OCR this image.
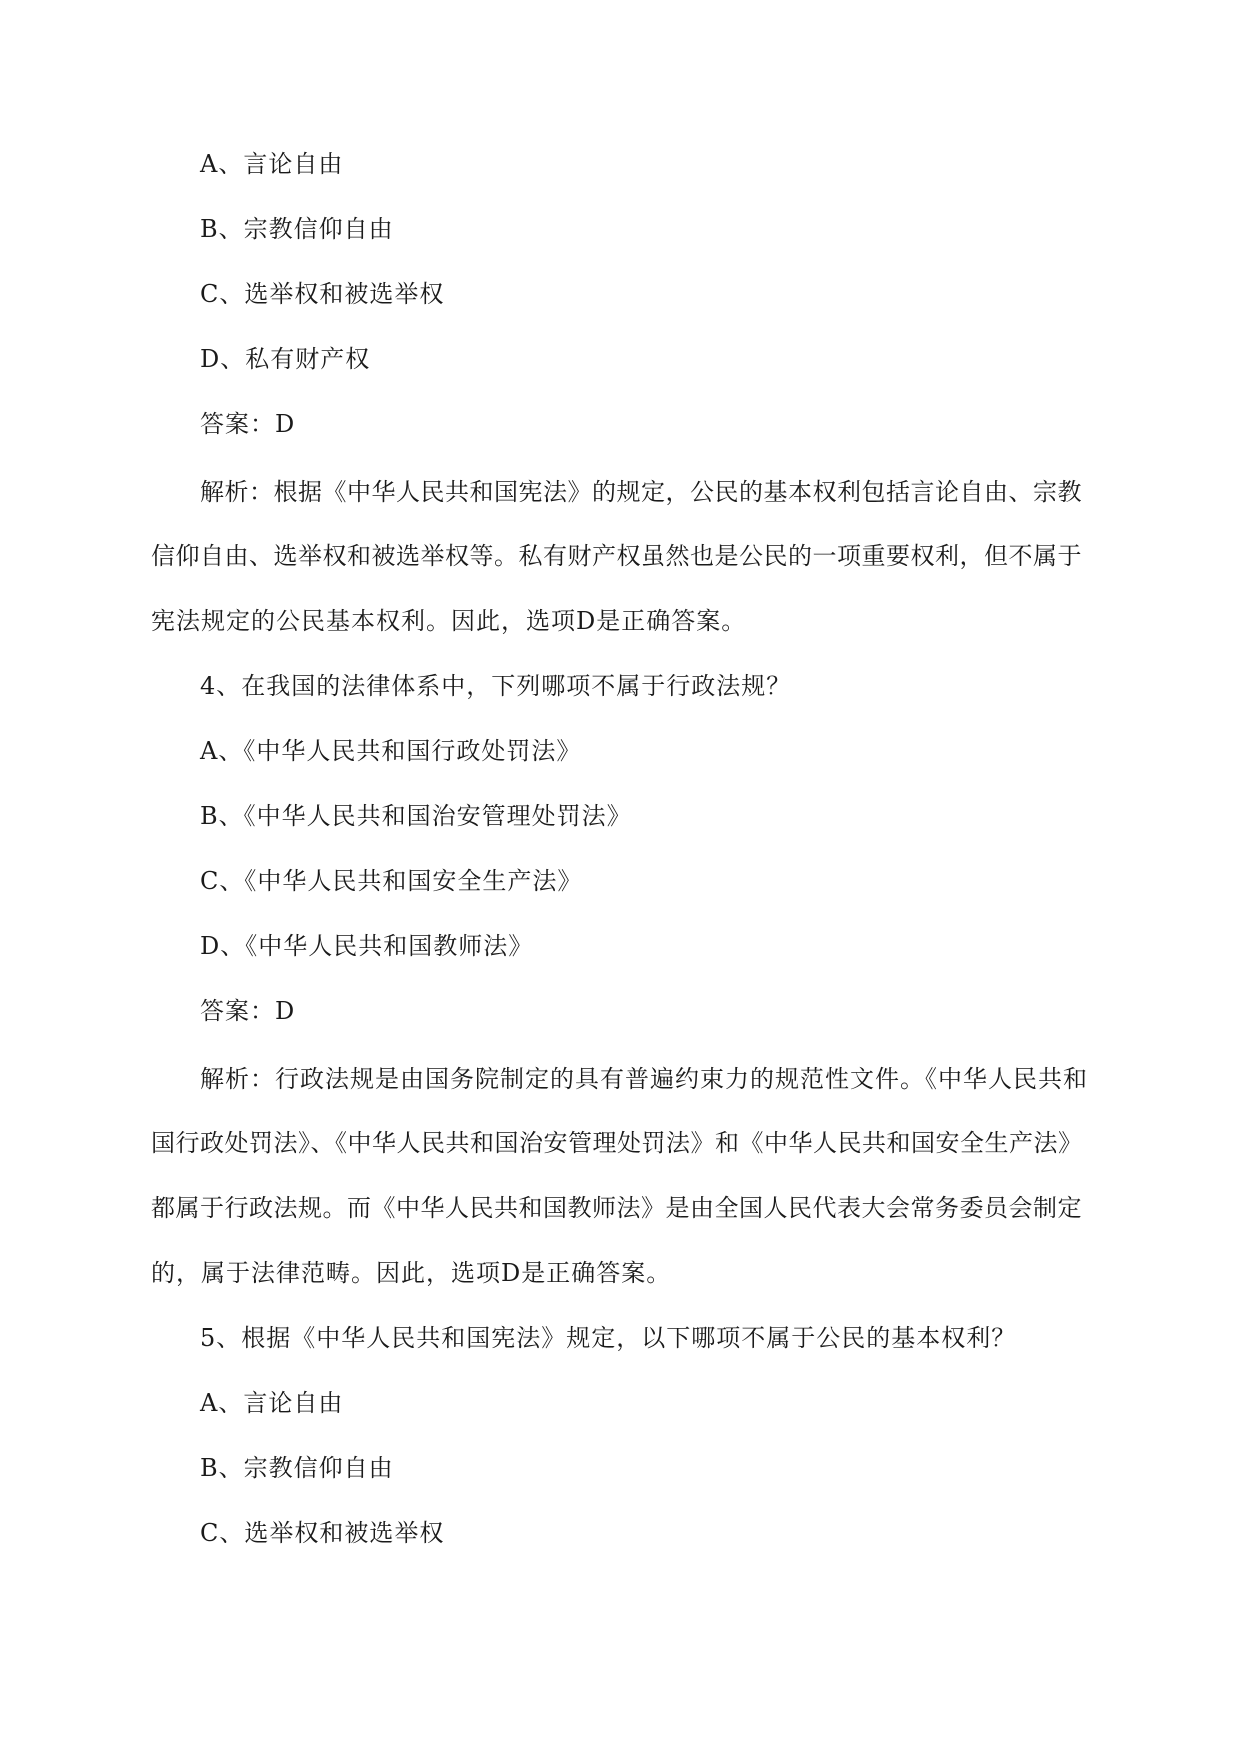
A、言论自由
B、宗教信仰自由
C、选举权和被选举权
D、私有财产权
答案：D
解析：根据《中华人民共和国宪法》的规定，公民的基本权利包括言论自由、宗教
信仰自由、选举权和被选举权等。私有财产权虽然也是公民的一项重要权利，但不属于
宪法规定的公民基本权利。因此，选项D是正确答案。
4、在我国的法律体系中，下列哪项不属于行政法规？
A、《中华人民共和国行政处罚法》
B、《中华人民共和国治安管理处罚法》
C、《中华人民共和国安全生产法》
D、《中华人民共和国教师法》
答案：D
解析：行政法规是由国务院制定的具有普遍约束力的规范性文件。《中华人民共和
国行政处罚法》、《中华人民共和国治安管理处罚法》和《中华人民共和国安全生产法》
都属于行政法规。而《中华人民共和国教师法》是由全国人民代表大会常务委员会制定
的，属于法律范畴。因此，选项D是正确答案。
5、根据《中华人民共和国宪法》规定，以下哪项不属于公民的基本权利？
A、言论自由
B、宗教信仰自由
C、选举权和被选举权
